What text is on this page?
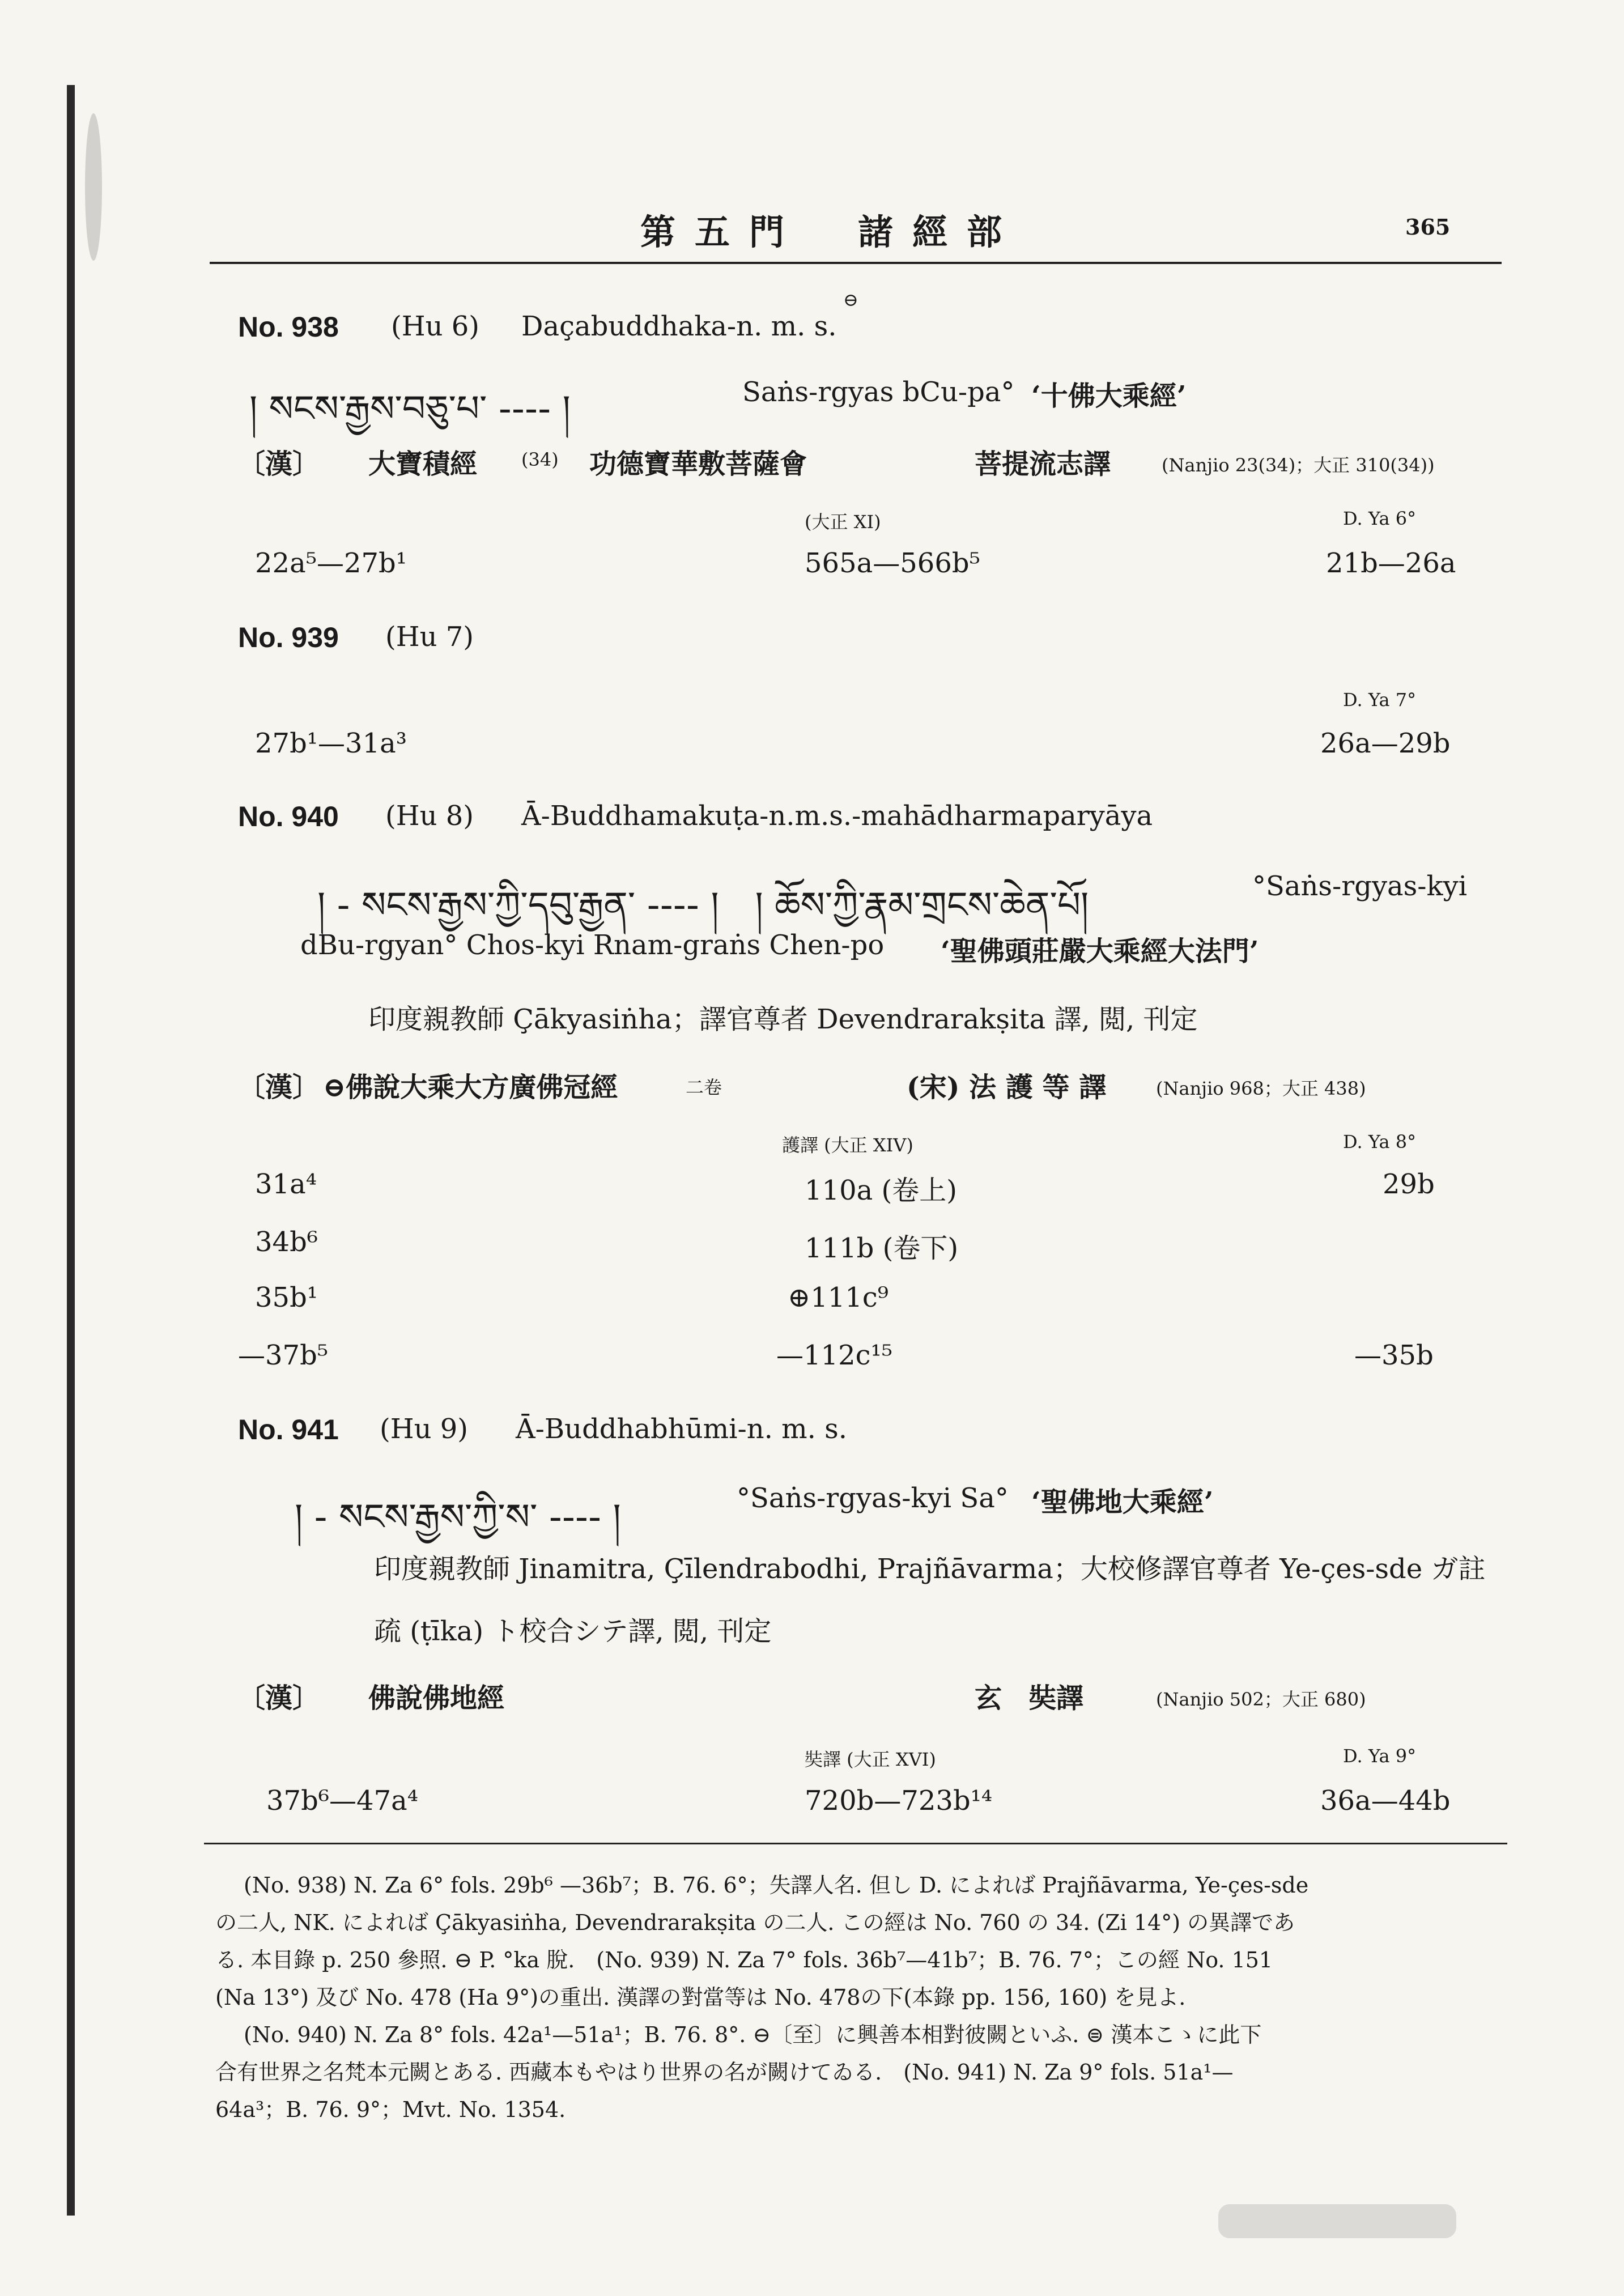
第五門　諸經部	365
⊖
No. 938 (Hu 6) Daçabuddhaka-n. m. s.
། སངས་རྒྱས་བཅུ་པ་ ---- །	Saṅs-rgyas bCu-pa° ‘十佛大乘經’
〔漢〕 大寶積經 (34) 功德寶華敷菩薩會	菩提流志譯	(Nanjio 23(34)；大正 310(34))
(大正 XI)	D. Ya 6°
22a⁵—27b¹	565a—566b⁵	21b—26a
No. 939 (Hu 7)
D. Ya 7°
27b¹—31a³	26a—29b
No. 940 (Hu 8) Ā-Buddhamakuṭa-n.m.s.-mahādharmaparyāya
། - སངས་རྒྱས་ཀྱི་དབུ་རྒྱན་ ---- །　། ཆོས་ཀྱི་རྣམ་གྲངས་ཆེན་པོ།	°Saṅs-rgyas-kyi
dBu-rgyan° Chos-kyi Rnam-graṅs Chen-po ‘聖佛頭莊嚴大乘經大法門’
印度親教師 Çākyasiṅha；譯官尊者 Devendrarakṣita 譯, 閲, 刊定
〔漢〕 ⊖佛說大乘大方廣佛冠經	二卷	(宋) 法 護 等 譯	(Nanjio 968；大正 438)
護譯 (大正 XIV)	D. Ya 8°
31a⁴	110a (卷上)	29b
34b⁶	111b (卷下)
35b¹	⊕111c⁹
—37b⁵	—112c¹⁵	—35b
No. 941 (Hu 9) Ā-Buddhabhūmi-n. m. s.
། - སངས་རྒྱས་ཀྱི་ས་ ---- །	°Saṅs-rgyas-kyi Sa° ‘聖佛地大乘經’
印度親教師 Jinamitra, Çīlendrabodhi, Prajñāvarma；大校修譯官尊者 Ye-çes-sde ガ註
疏 (ṭīka) ト校合シテ譯, 閲, 刊定
〔漢〕 佛說佛地經	玄　奘譯	(Nanjio 502；大正 680)
奘譯 (大正 XVI)	D. Ya 9°
37b⁶—47a⁴	720b—723b¹⁴	36a—44b
(No. 938) N. Za 6° fols. 29b⁶ —36b⁷；B. 76. 6°；失譯人名. 但し D. によれば Prajñāvarma, Ye-çes-sde
の二人, NK. によれば Çākyasiṅha, Devendrarakṣita の二人. この經は No. 760 の 34. (Zi 14°) の異譯であ
る. 本目錄 p. 250 參照. ⊖ P. °ka 脫.　(No. 939) N. Za 7° fols. 36b⁷—41b⁷；B. 76. 7°；この經 No. 151
(Na 13°) 及び No. 478 (Ha 9°)の重出. 漢譯の對當等は No. 478の下(本錄 pp. 156, 160) を見よ.
(No. 940) N. Za 8° fols. 42a¹—51a¹；B. 76. 8°. ⊖〔至〕に興善本相對彼闕といふ. ⊜ 漢本こゝに此下
合有世界之名梵本元闕とある. 西藏本もやはり世界の名が闕けてゐる.　(No. 941) N. Za 9° fols. 51a¹—
64a³；B. 76. 9°；Mvt. No. 1354.
